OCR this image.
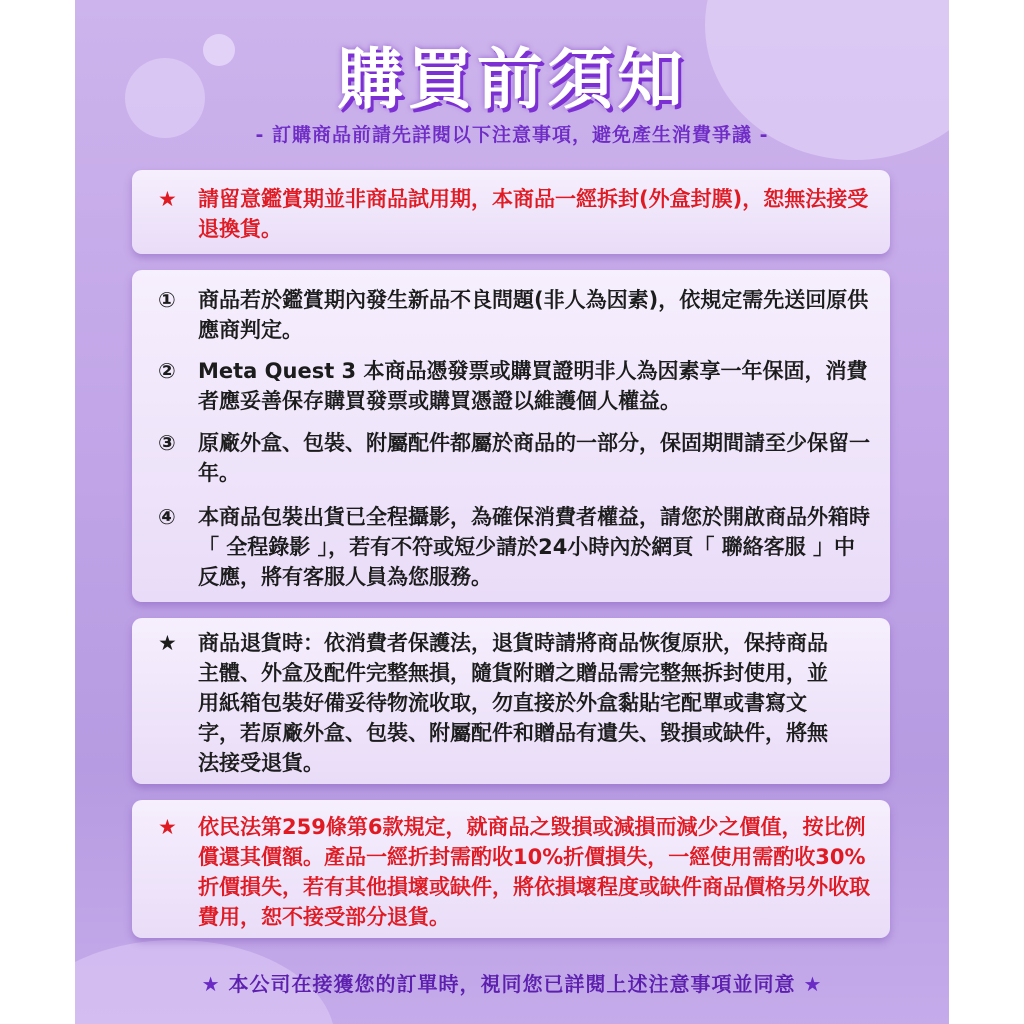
購買前須知
- 訂購商品前請先詳閱以下注意事項，避免產生消費爭議 -
★ 請留意鑑賞期並非商品試用期，本商品一經拆封(外盒封膜)，恕無法接受退換貨。
① 商品若於鑑賞期內發生新品不良問題(非人為因素)，依規定需先送回原供應商判定。
② Meta Quest 3 本商品憑發票或購買證明非人為因素享一年保固，消費者應妥善保存購買發票或購買憑證以維護個人權益。
③ 原廠外盒、包裝、附屬配件都屬於商品的一部分，保固期間請至少保留一年。
④ 本商品包裝出貨已全程攝影，為確保消費者權益，請您於開啟商品外箱時「 全程錄影 」，若有不符或短少請於24小時內於網頁「 聯絡客服 」中反應，將有客服人員為您服務。
★ 商品退貨時：依消費者保護法，退貨時請將商品恢復原狀，保持商品主體、外盒及配件完整無損，隨貨附贈之贈品需完整無拆封使用，並用紙箱包裝好備妥待物流收取，勿直接於外盒黏貼宅配單或書寫文字，若原廠外盒、包裝、附屬配件和贈品有遺失、毀損或缺件，將無法接受退貨。
★ 依民法第259條第6款規定，就商品之毀損或減損而減少之價值，按比例償還其價額。產品一經折封需酌收10%折價損失，一經使用需酌收30%折價損失，若有其他損壞或缺件，將依損壞程度或缺件商品價格另外收取費用，恕不接受部分退貨。
★ 本公司在接獲您的訂單時，視同您已詳閱上述注意事項並同意 ★
